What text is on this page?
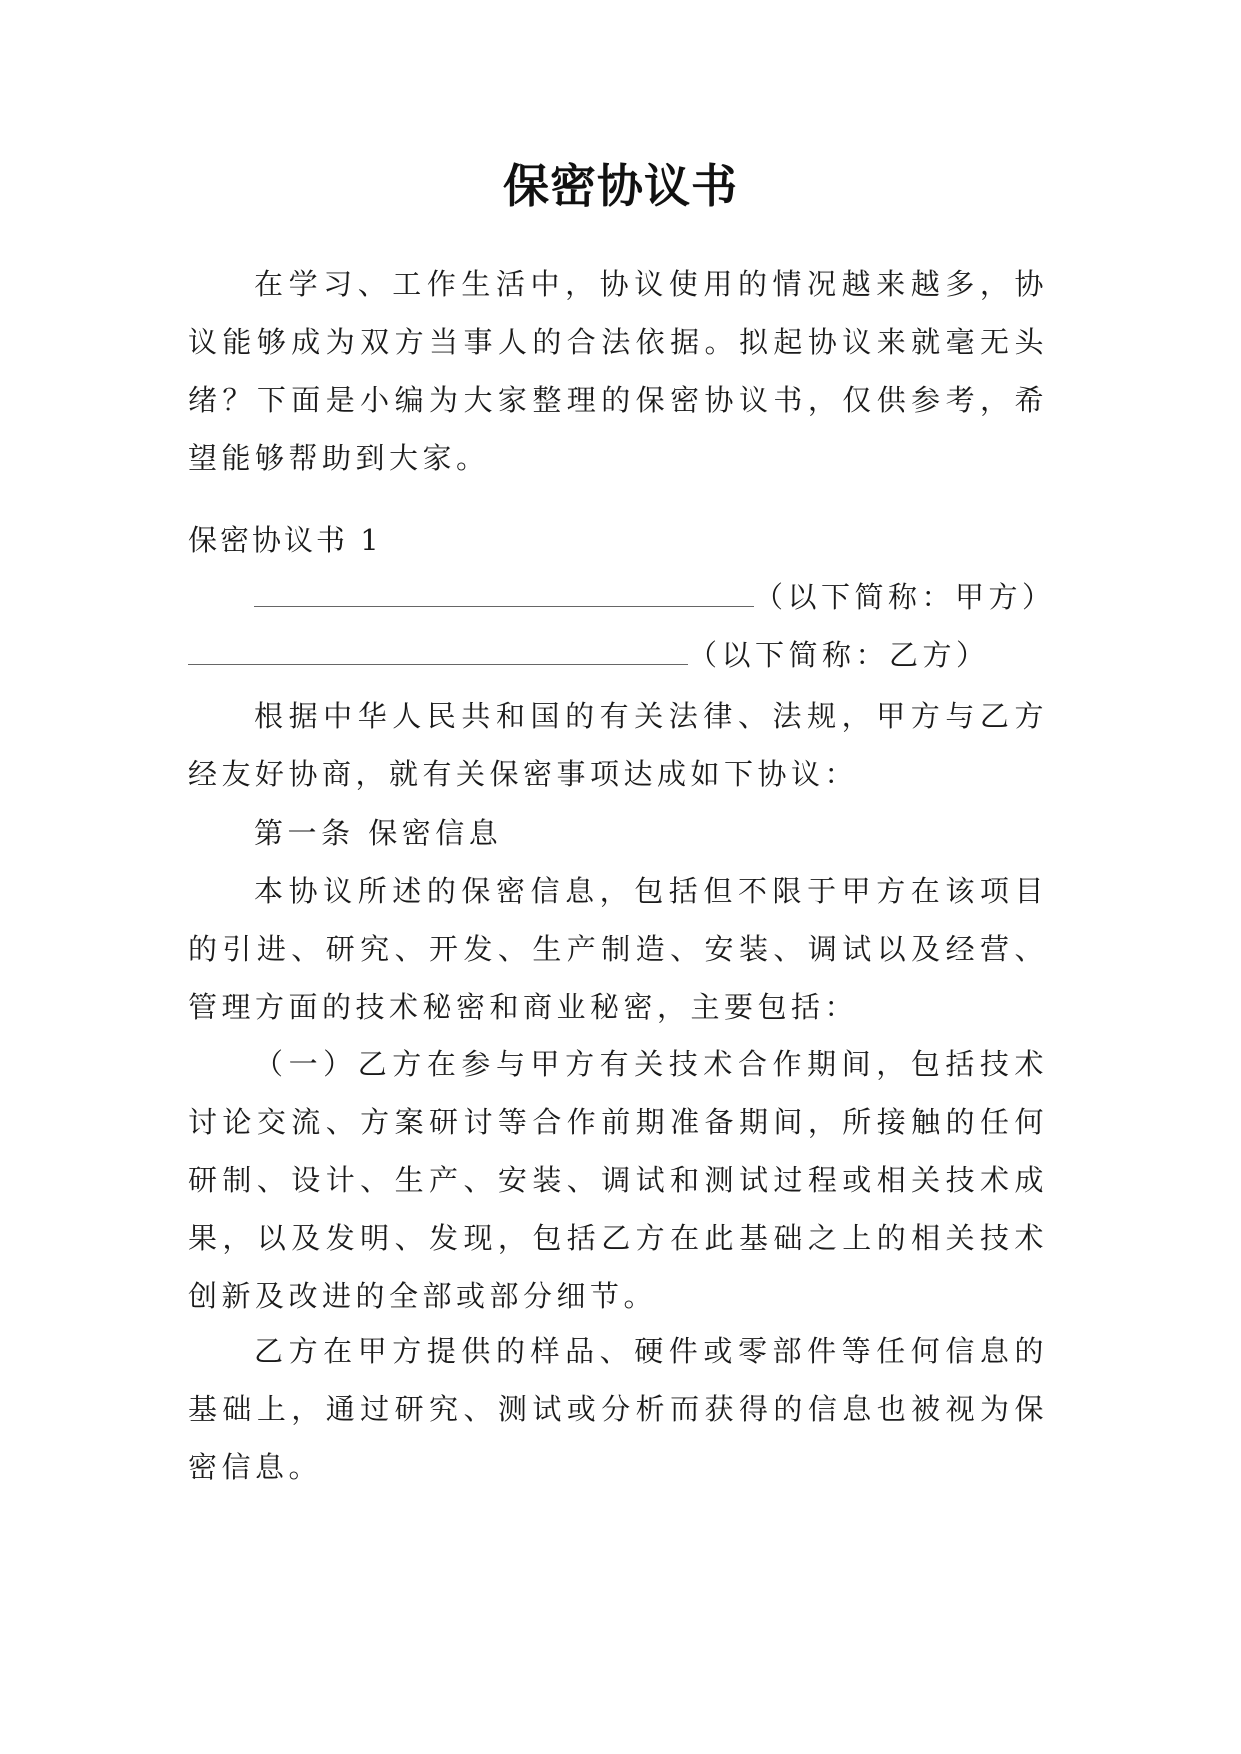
保密协议书
在学习、工作生活中，协议使用的情况越来越多，协议能够成为双方当事人的合法依据。拟起协议来就毫无头绪？下面是小编为大家整理的保密协议书，仅供参考，希望能够帮助到大家。
保密协议书 1
（以下简称：甲方）
（以下简称：乙方）
根据中华人民共和国的有关法律、法规，甲方与乙方经友好协商，就有关保密事项达成如下协议：
第一条 保密信息
本协议所述的保密信息，包括但不限于甲方在该项目的引进、研究、开发、生产制造、安装、调试以及经营、管理方面的技术秘密和商业秘密，主要包括：
（一）乙方在参与甲方有关技术合作期间，包括技术讨论交流、方案研讨等合作前期准备期间，所接触的任何研制、设计、生产、安装、调试和测试过程或相关技术成果，以及发明、发现，包括乙方在此基础之上的相关技术创新及改进的全部或部分细节。
乙方在甲方提供的样品、硬件或零部件等任何信息的基础上，通过研究、测试或分析而获得的信息也被视为保密信息。
